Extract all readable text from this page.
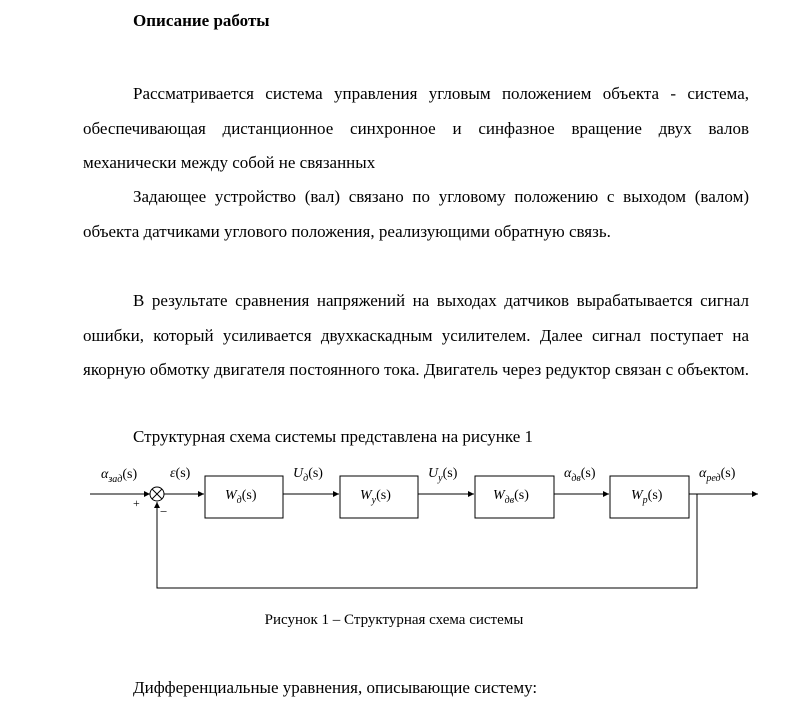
Описание работы

Рассматривается система управления угловым положением объекта - система, обеспечивающая дистанционное синхронное и синфазное вращение двух валов механически между собой не связанных

Задающее устройство (вал) связано по угловому положению с выходом (валом) объекта датчиками углового положения, реализующими обратную связь.

В результате сравнения напряжений на выходах датчиков вырабатывается сигнал ошибки, который усиливается двухкаскадным усилителем. Далее сигнал поступает на якорную обмотку двигателя постоянного тока. Двигатель через редуктор связан с объектом.

Структурная схема системы представлена на рисунке 1
+
−
$\alpha_{зад}(s)$ ε(s)
$W_д(s)$	$W_у(s)$	$W_{дв}(s)$	$W_р(s)$
$U_д(s)$	$U_у(s)$	$\alpha_{дв}(s)$	$\alpha_{ред}(s)$
Рисунок 1 – Структурная схема системы
Дифференциальные уравнения, описывающие систему:
